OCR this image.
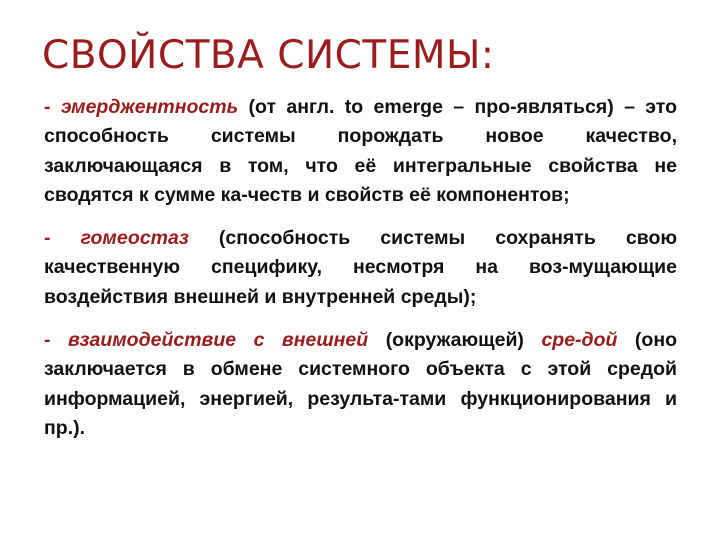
СВОЙСТВА СИСТЕМЫ:

- эмерджентность (от англ. to emerge – про-являться) – это способность системы порождать новое качество, заключающаяся в том, что её интегральные свойства не сводятся к сумме ка-честв и свойств её компонентов;

- гомеостаз (способность системы сохранять свою качественную специфику, несмотря на воз-мущающие воздействия внешней и внутренней среды);

- взаимодействие с внешней (окружающей) сре-дой (оно заключается в обмене системного объекта с этой средой информацией, энергией, результа-тами функционирования и пр.).
